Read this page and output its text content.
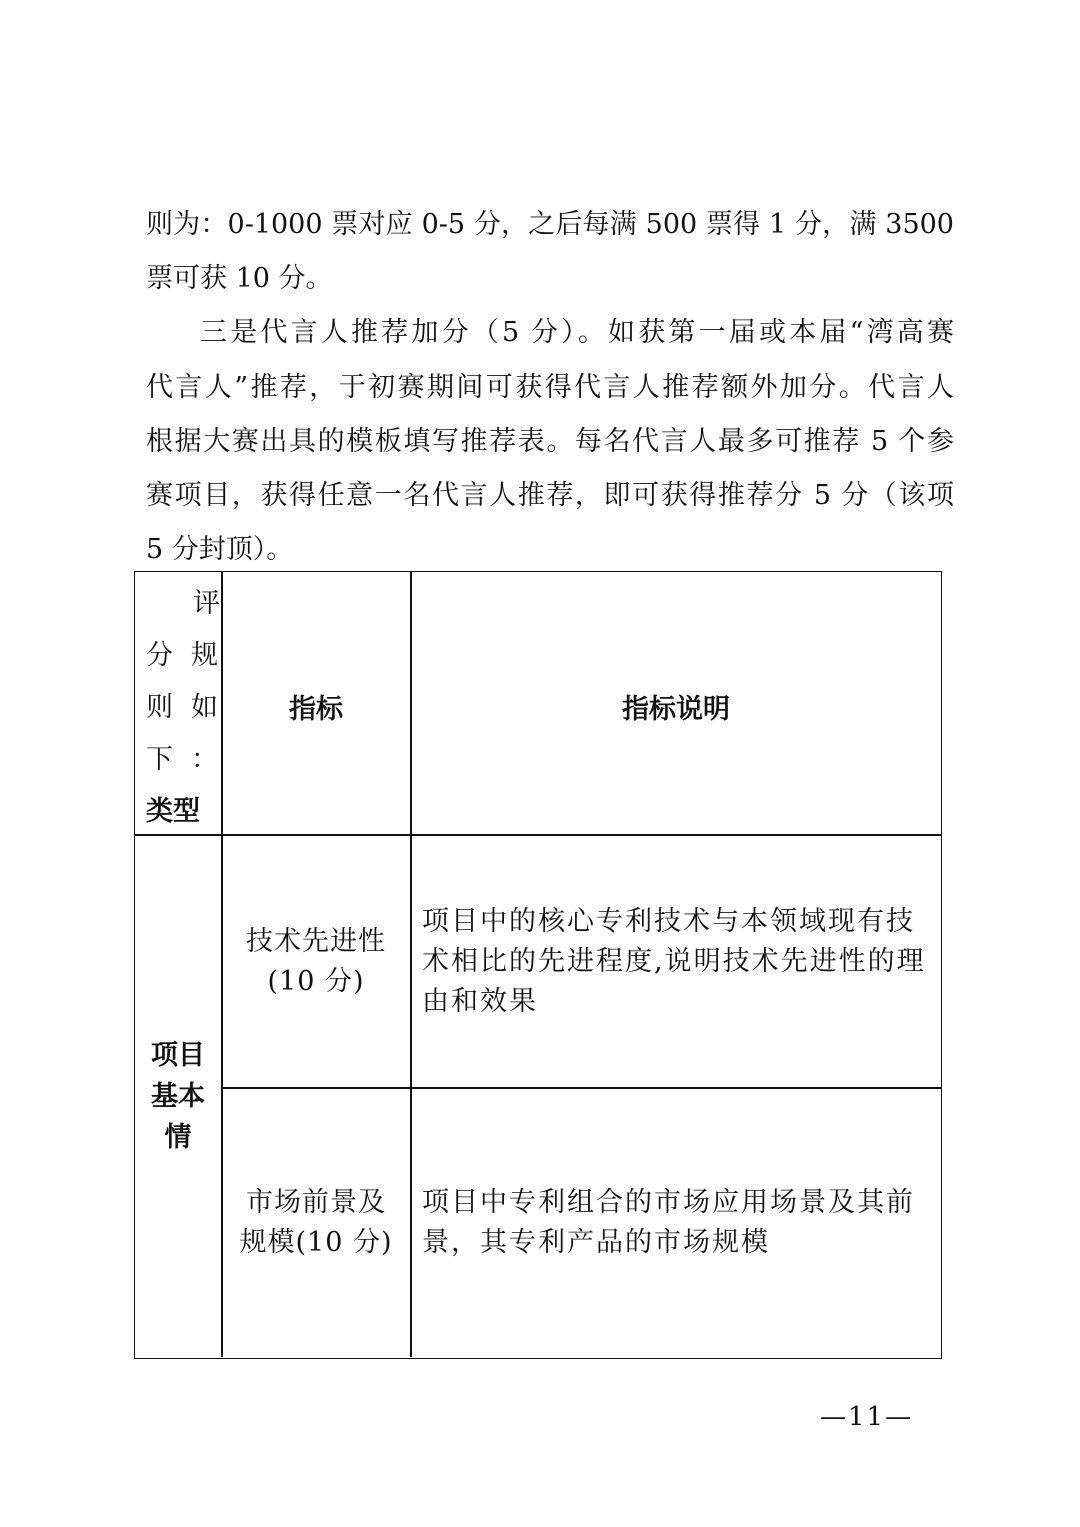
则为：0-1000 票对应 0-5 分，之后每满 500 票得 1 分，满 3500
票可获 10 分。
三是代言人推荐加分（5 分）。如获第一届或本届“湾高赛
代言人”推荐，于初赛期间可获得代言人推荐额外加分。代言人
根据大赛出具的模板填写推荐表。每名代言人最多可推荐 5 个参
赛项目，获得任意一名代言人推荐，即可获得推荐分 5 分（该项
5 分封顶）。
评
分 规
则 如
下 ：
类型
指标	指标说明
项目
基本
情
技术先进性
(10 分)
项目中的核心专利技术与本领域现有技术相比的先进程度,说明技术先进性的理由和效果
市场前景及
规模(10 分)
项目中专利组合的市场应用场景及其前景，其专利产品的市场规模
—11—
